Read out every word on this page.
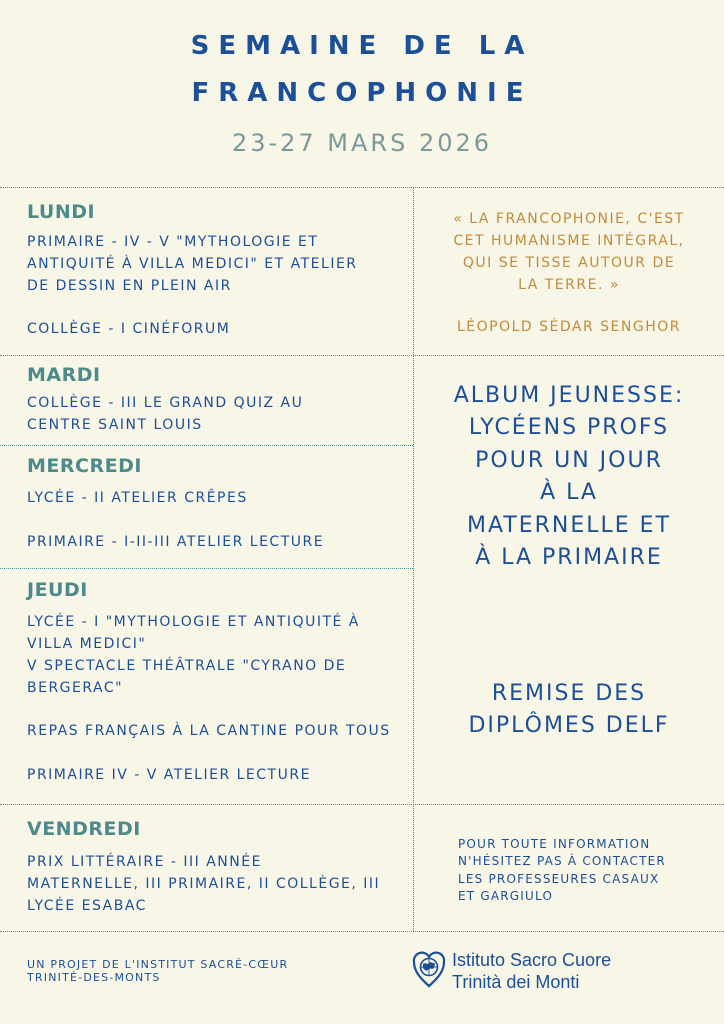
SEMAINE DE LA
FRANCOPHONIE
23-27 MARS 2026
LUNDI
PRIMAIRE - IV - V "MYTHOLOGIE ET
ANTIQUITÉ À VILLA MEDICI" ET ATELIER
DE DESSIN EN PLEIN AIR
COLLÈGE - I CINÉFORUM
MARDI
COLLÈGE - III LE GRAND QUIZ AU
CENTRE SAINT LOUIS
MERCREDI
LYCÉE - II ATELIER CRÊPES
PRIMAIRE - I-II-III ATELIER LECTURE
JEUDI
LYCÉE - I "MYTHOLOGIE ET ANTIQUITÉ À
VILLA MEDICI"
V SPECTACLE THÉÂTRALE "CYRANO DE
BERGERAC"
REPAS FRANÇAIS À LA CANTINE POUR TOUS
PRIMAIRE IV - V ATELIER LECTURE
VENDREDI
PRIX LITTÉRAIRE - III ANNÉE
MATERNELLE, III PRIMAIRE, II COLLÈGE, III
LYCÉE ESABAC
« LA FRANCOPHONIE, C'EST
CET HUMANISME INTÉGRAL,
QUI SE TISSE AUTOUR DE
LA TERRE. »
LÉOPOLD SÉDAR SENGHOR
ALBUM JEUNESSE:
LYCÉENS PROFS
POUR UN JOUR
À LA
MATERNELLE ET
À LA PRIMAIRE
REMISE DES
DIPLÔMES DELF
POUR TOUTE INFORMATION
N'HÉSITEZ PAS À CONTACTER
LES PROFESSEURES CASAUX
ET GARGIULO
UN PROJET DE L'INSTITUT SACRÉ-CŒUR
TRINITÉ-DES-MONTS
Istituto Sacro Cuore
Trinità dei Monti
